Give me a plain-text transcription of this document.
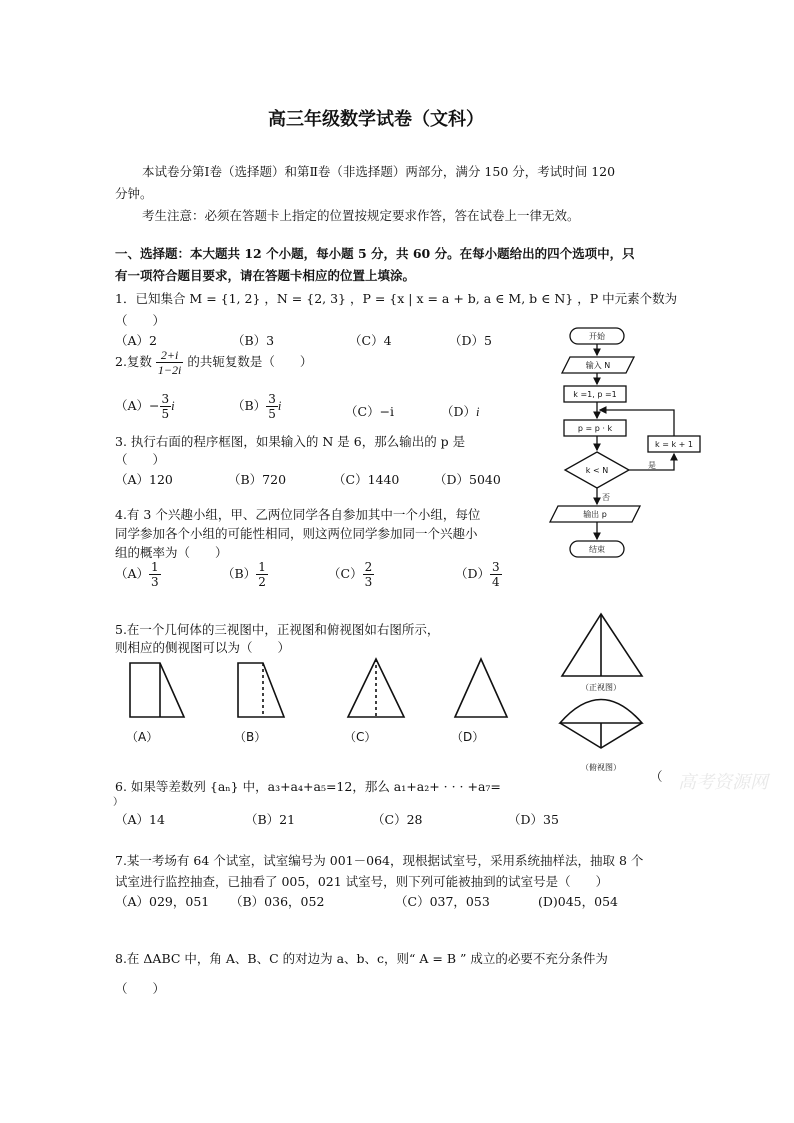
高三年级数学试卷（文科）
本试卷分第Ⅰ卷（选择题）和第Ⅱ卷（非选择题）两部分，满分 150 分，考试时间 120
分钟。
考生注意：必须在答题卡上指定的位置按规定要求作答，答在试卷上一律无效。
一、选择题：本大题共 12 个小题，每小题 5 分，共 60 分。在每小题给出的四个选项中，只
有一项符合题目要求，请在答题卡相应的位置上填涂。
1．已知集合 M = {1, 2} ，N = {2, 3} ，P = {x | x = a + b, a ∈ M, b ∈ N} ，P 中元素个数为
（　　）
（A）2	（B）3	（C）4	（D）5
2.复数 $\frac{2+i}{1-2i}$ 的共轭复数是（　　）
$(A)- \frac{3}{5}$ i	$(B) \frac{3}{5}$ i	（C）−i	（D）i
3. 执行右面的程序框图，如果输入的 N 是 6，那么输出的 p 是
（　　）
（A）120	（B）720	（C）1440	（D）5040
4.有 3 个兴趣小组，甲、乙两位同学各自参加其中一个小组，每位
同学参加各个小组的可能性相同，则这两位同学参加同一个兴趣小
组的概率为（　　）
$(A) \frac{1}{3}$	$(B) \frac{1}{2}$	$(C) \frac{2}{3}$	$(D) \frac{3}{4}$
开始
输入 N
k =1, p =1
p = p · k
k < N
k = k + 1
是
否
输出 p
结束
5.在一个几何体的三视图中，正视图和俯视图如右图所示，
则相应的侧视图可以为（　　）
（A）	（B）	（C）	（D）
（正视图）
（俯视图）
6. 如果等差数列 {aₙ} 中，a₃+a₄+a₅=12，那么 a₁+a₂+ · · · +a₇=
（
）
高考资源网
（A）14	（B）21	（C）28	（D）35
7.某一考场有 64 个试室，试室编号为 001－064，现根据试室号，采用系统抽样法，抽取 8 个
试室进行监控抽查，已抽看了 005，021 试室号，则下列可能被抽到的试室号是（　　）
（A）029，051 （B）036，052	（C）037，053	(D)045，054
8.在 ΔABC 中，角 A、B、C 的对边为 a、b、c，则“ A = B ” 成立的必要不充分条件为
（　　）
